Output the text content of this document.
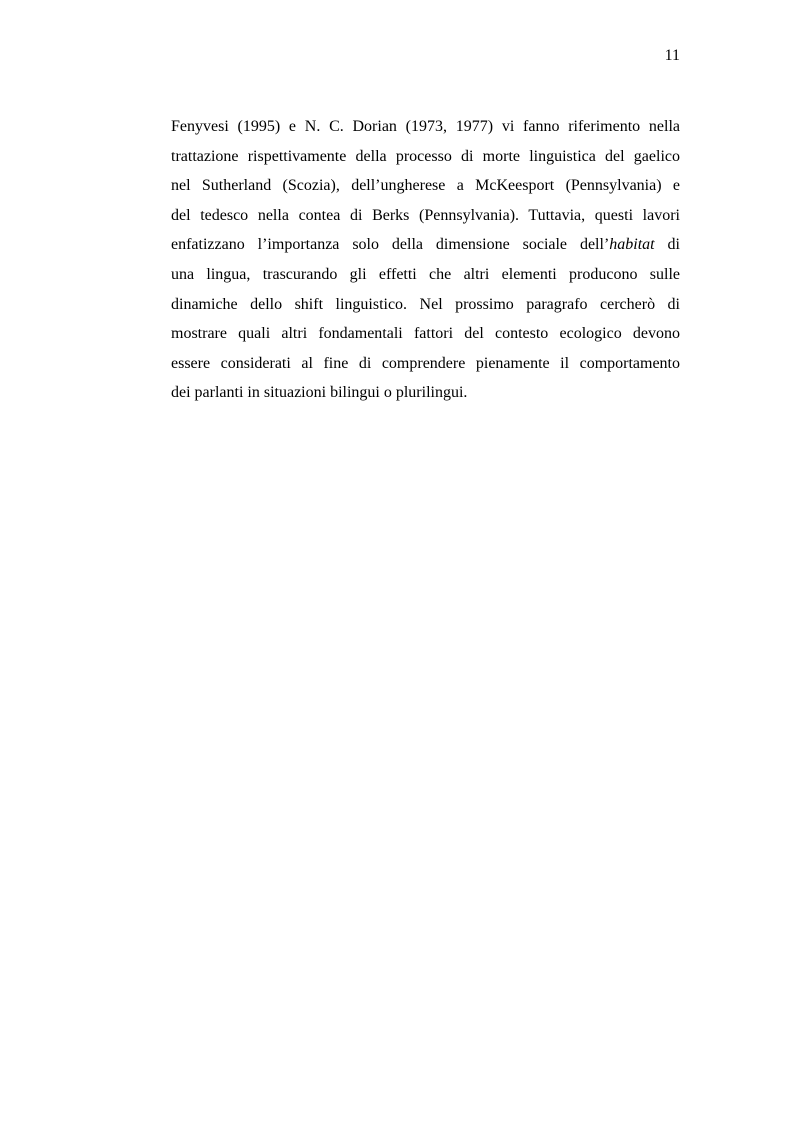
11
Fenyvesi (1995) e N. C. Dorian (1973, 1977) vi fanno riferimento nella
trattazione rispettivamente della processo di morte linguistica del gaelico
nel Sutherland (Scozia), dell’ungherese a McKeesport (Pennsylvania) e
del tedesco nella contea di Berks (Pennsylvania). Tuttavia, questi lavori
enfatizzano l’importanza solo della dimensione sociale dell’habitat di
una lingua, trascurando gli effetti che altri elementi producono sulle
dinamiche dello shift linguistico. Nel prossimo paragrafo cercherò di
mostrare quali altri fondamentali fattori del contesto ecologico devono
essere considerati al fine di comprendere pienamente il comportamento
dei parlanti in situazioni bilingui o plurilingui.
